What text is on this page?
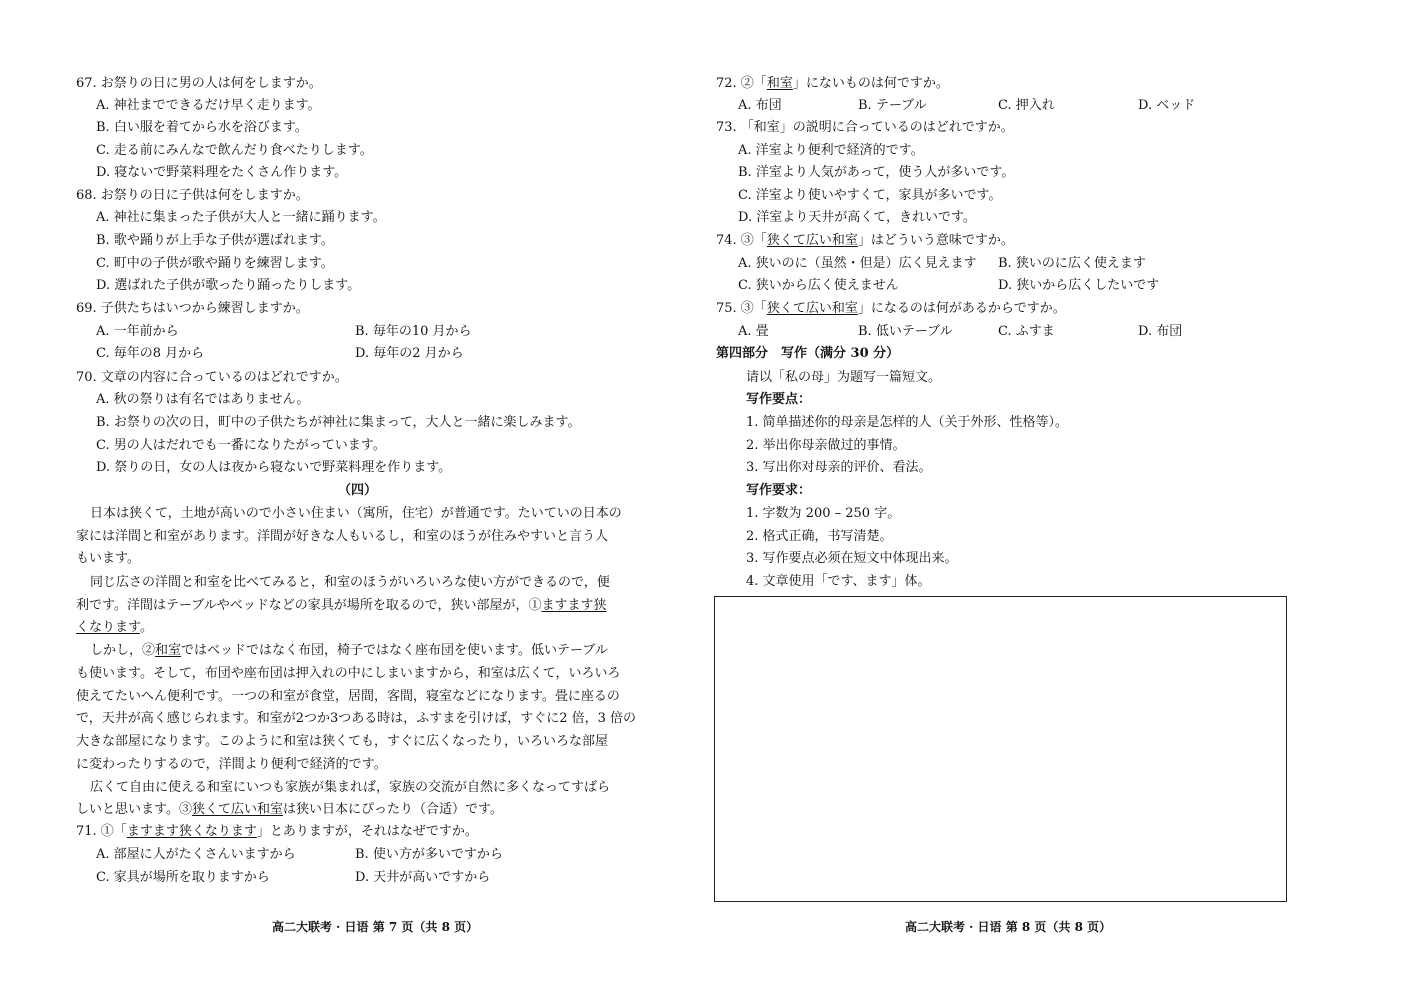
67. お祭りの日に男の人は何をしますか。
A. 神社までできるだけ早く走ります。
B. 白い服を着てから水を浴びます。
C. 走る前にみんなで飲んだり食べたりします。
D. 寝ないで野菜料理をたくさん作ります。
68. お祭りの日に子供は何をしますか。
A. 神社に集まった子供が大人と一緒に踊ります。
B. 歌や踊りが上手な子供が選ばれます。
C. 町中の子供が歌や踊りを練習します。
D. 選ばれた子供が歌ったり踊ったりします。
69. 子供たちはいつから練習しますか。
A. 一年前から	B. 毎年の10 月から
C. 毎年の8 月から	D. 毎年の2 月から
70. 文章の内容に合っているのはどれですか。
A. 秋の祭りは有名ではありません。
B. お祭りの次の日，町中の子供たちが神社に集まって，大人と一緒に楽しみます。
C. 男の人はだれでも一番になりたがっています。
D. 祭りの日，女の人は夜から寝ないで野菜料理を作ります。
（四）
日本は狭くて，土地が高いので小さい住まい（寓所，住宅）が普通です。たいていの日本の
家には洋間と和室があります。洋間が好きな人もいるし，和室のほうが住みやすいと言う人
もいます。
同じ広さの洋間と和室を比べてみると，和室のほうがいろいろな使い方ができるので，便
利です。洋間はテーブルやベッドなどの家具が場所を取るので，狭い部屋が，①ますます狭
くなります。
しかし，②和室ではベッドではなく布団，椅子ではなく座布団を使います。低いテーブル
も使います。そして，布団や座布団は押入れの中にしまいますから，和室は広くて，いろいろ
使えてたいへん便利です。一つの和室が食堂，居間，客間，寝室などになります。畳に座るの
で，天井が高く感じられます。和室が2つか3つある時は，ふすまを引けば，すぐに2 倍，3 倍の
大きな部屋になります。このように和室は狭くても，すぐに広くなったり，いろいろな部屋
に変わったりするので，洋間より便利で経済的です。
広くて自由に使える和室にいつも家族が集まれば，家族の交流が自然に多くなってすばら
しいと思います。③狭くて広い和室は狭い日本にぴったり（合适）です。
71. ①「ますます狭くなります」とありますが，それはなぜですか。
A. 部屋に人がたくさんいますから	B. 使い方が多いですから
C. 家具が場所を取りますから	D. 天井が高いですから
高二大联考 · 日语 第 7 页（共 8 页）
72. ②「和室」にないものは何ですか。
A. 布団	B. テーブル	C. 押入れ	D. ベッド
73. 「和室」の説明に合っているのはどれですか。
A. 洋室より便利で経済的です。
B. 洋室より人気があって，使う人が多いです。
C. 洋室より使いやすくて，家具が多いです。
D. 洋室より天井が高くて，きれいです。
74. ③「狭くて広い和室」はどういう意味ですか。
A. 狭いのに（虽然・但是）広く見えます B. 狭いのに広く使えます
C. 狭いから広く使えません	D. 狭いから広くしたいです
75. ③「狭くて広い和室」になるのは何があるからですか。
A. 畳	B. 低いテーブル	C. ふすま	D. 布団
第四部分　写作（满分 30 分）
请以「私の母」为题写一篇短文。
写作要点：
1. 简单描述你的母亲是怎样的人（关于外形、性格等）。
2. 举出你母亲做过的事情。
3. 写出你对母亲的评价、看法。
写作要求：
1. 字数为 200 – 250 字。
2. 格式正确，书写清楚。
3. 写作要点必须在短文中体现出来。
4. 文章使用「です、ます」体。
高二大联考 · 日语 第 8 页（共 8 页）
